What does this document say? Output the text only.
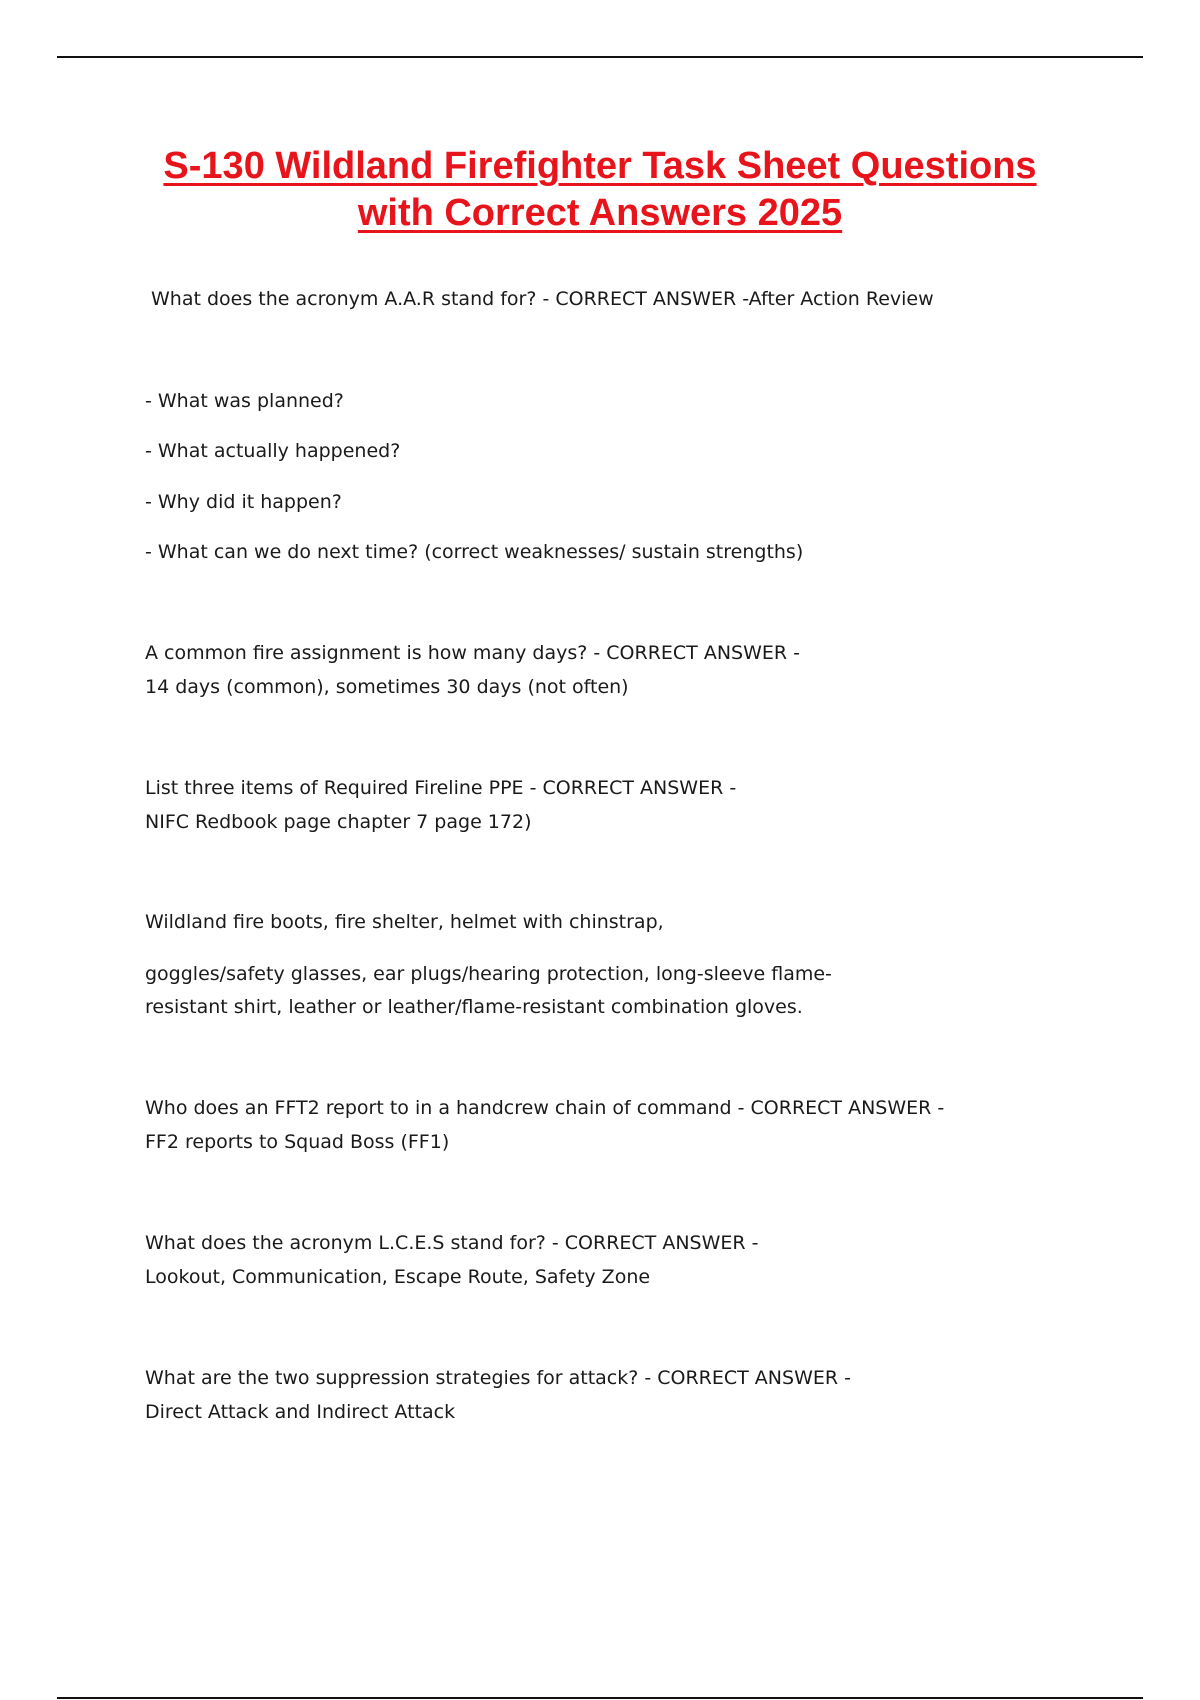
S-130 Wildland Firefighter Task Sheet Questions
with Correct Answers 2025

What does the acronym A.A.R stand for? - CORRECT ANSWER -After Action Review

- What was planned?

- What actually happened?

- Why did it happen?

- What can we do next time? (correct weaknesses/ sustain strengths)

A common fire assignment is how many days? - CORRECT ANSWER -

14 days (common), sometimes 30 days (not often)

List three items of Required Fireline PPE - CORRECT ANSWER -

NIFC Redbook page chapter 7 page 172)

Wildland fire boots, fire shelter, helmet with chinstrap,

goggles/safety glasses, ear plugs/hearing protection, long-sleeve flame-

resistant shirt, leather or leather/flame-resistant combination gloves.

Who does an FFT2 report to in a handcrew chain of command - CORRECT ANSWER -

FF2 reports to Squad Boss (FF1)

What does the acronym L.C.E.S stand for? - CORRECT ANSWER -

Lookout, Communication, Escape Route, Safety Zone

What are the two suppression strategies for attack? - CORRECT ANSWER -

Direct Attack and Indirect Attack
